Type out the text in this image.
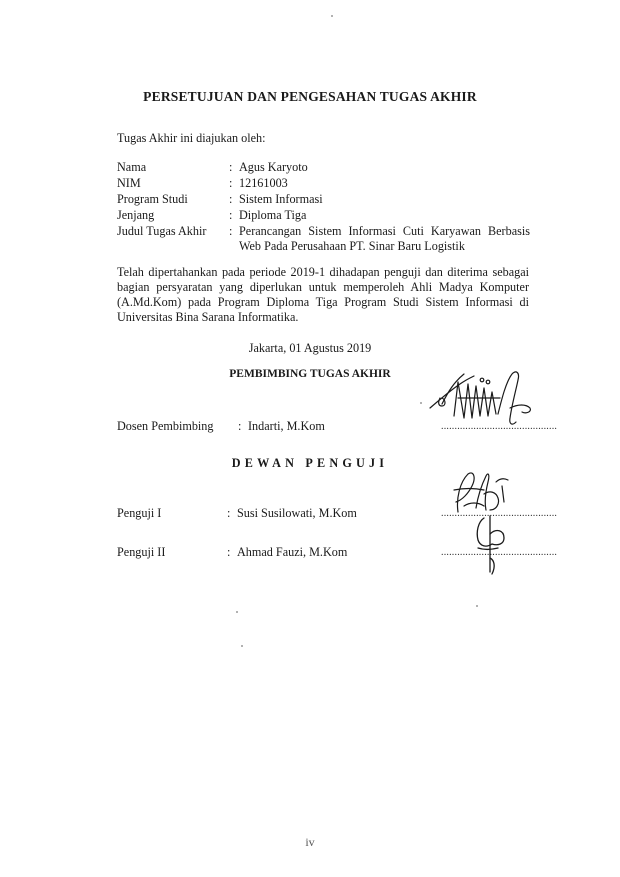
PERSETUJUAN DAN PENGESAHAN TUGAS AKHIR
Tugas Akhir ini diajukan oleh:
Nama	: Agus Karyoto
NIM	: 12161003
Program Studi	: Sistem Informasi
Jenjang	: Diploma Tiga
Judul Tugas Akhir : Perancangan Sistem Informasi Cuti Karyawan Berbasis
Web Pada Perusahaan PT. Sinar Baru Logistik
Telah dipertahankan pada periode 2019-1 dihadapan penguji dan diterima sebagai bagian persyaratan yang diperlukan untuk memperoleh Ahli Madya Komputer (A.Md.Kom) pada Program Diploma Tiga Program Studi Sistem Informasi di Universitas Bina Sarana Informatika.
Jakarta, 01 Agustus 2019
PEMBIMBING TUGAS AKHIR
Dosen Pembimbing : Indarti, M.Kom	...........................................
DEWAN PENGUJI
Penguji I	: Susi Susilowati, M.Kom	...........................................
Penguji II	: Ahmad Fauzi, M.Kom	...........................................
iv
